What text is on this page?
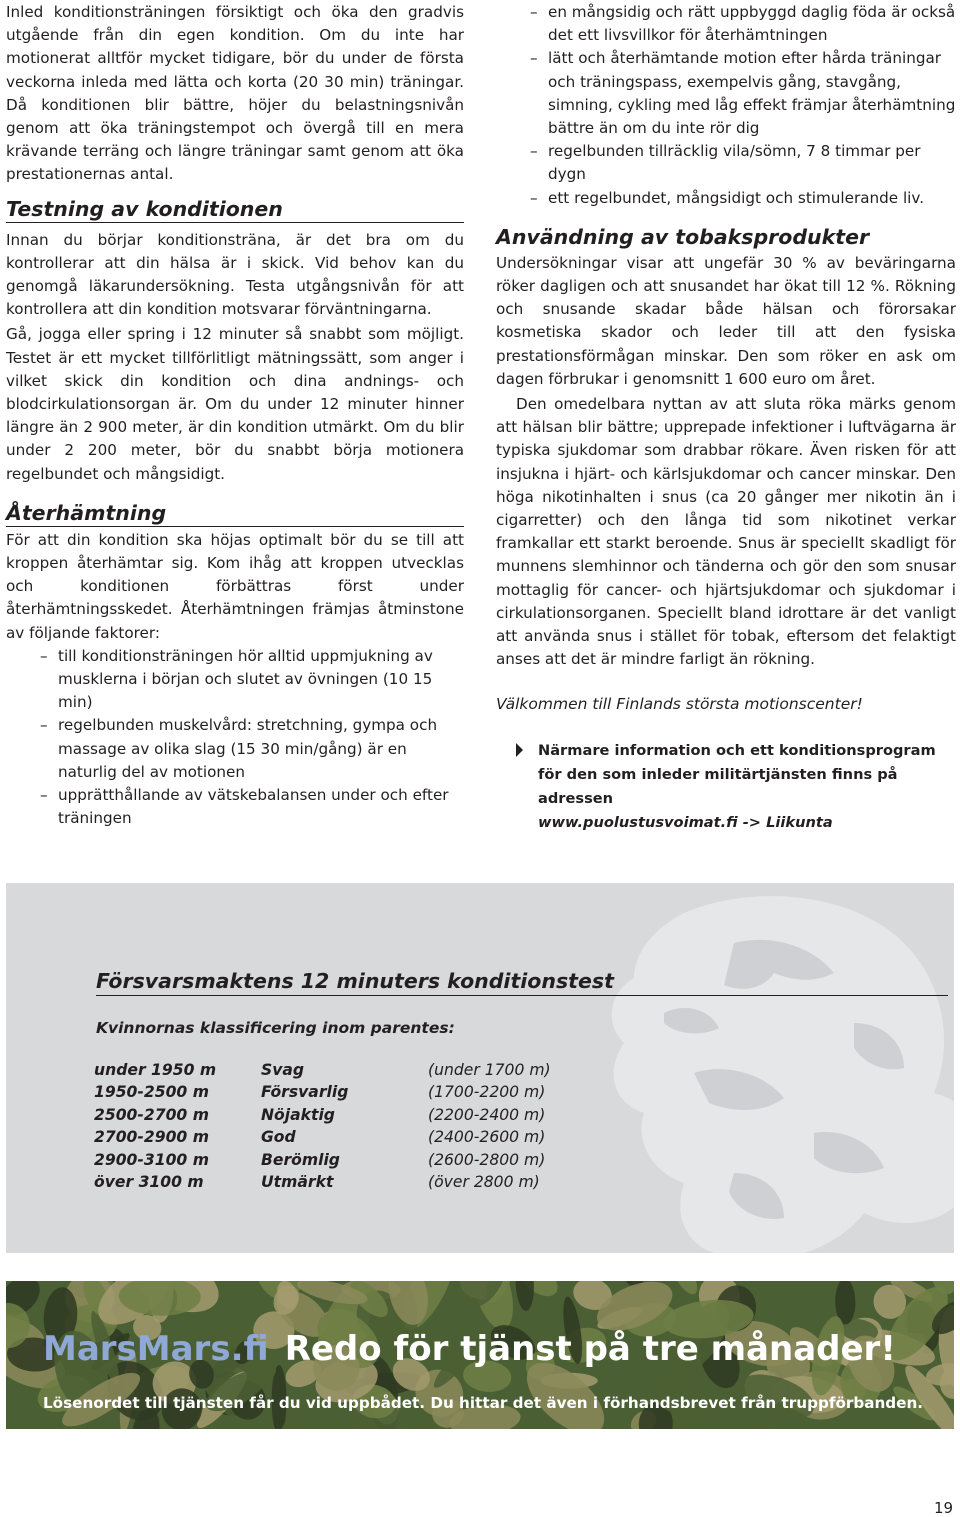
Inled konditionsträningen försiktigt och öka den gradvis utgående från din egen kondition. Om du inte har motionerat alltför mycket tidigare, bör du under de första veckorna inleda med lätta och korta (20 30 min) träningar. Då konditionen blir bättre, höjer du belastningsnivån genom att öka träningstempot och övergå till en mera krävande terräng och längre träningar samt genom att öka prestationernas antal.

Testning av konditionen

Innan du börjar konditionsträna, är det bra om du kontrollerar att din hälsa är i skick. Vid behov kan du genomgå läkarundersökning. Testa utgångsnivån för att kontrollera att din kondition motsvarar förväntningarna.

Gå, jogga eller spring i 12 minuter så snabbt som möjligt. Testet är ett mycket tillförlitligt mätningssätt, som anger i vilket skick din kondition och dina andnings- och blodcirkulationsorgan är. Om du under 12 minuter hinner längre än 2 900 meter, är din kondition utmärkt. Om du blir under 2 200 meter, bör du snabbt börja motionera regelbundet och mångsidigt.

Återhämtning

För att din kondition ska höjas optimalt bör du se till att kroppen återhämtar sig. Kom ihåg att kroppen utvecklas och konditionen förbättras först under återhämtningsskedet. Återhämtningen främjas åtminstone av följande faktorer:

– till konditionsträningen hör alltid uppmjukning av musklerna i början och slutet av övningen (10 15 min)
– regelbunden muskelvård: stretchning, gympa och massage av olika slag (15 30 min/gång) är en naturlig del av motionen
– upprätthållande av vätskebalansen under och efter träningen
– en mångsidig och rätt uppbyggd daglig föda är också det ett livsvillkor för återhämtningen
– lätt och återhämtande motion efter hårda träningar och träningspass, exempelvis gång, stavgång, simning, cykling med låg effekt främjar återhämtning bättre än om du inte rör dig
– regelbunden tillräcklig vila/sömn, 7 8 timmar per dygn
– ett regelbundet, mångsidigt och stimulerande liv.
Användning av tobaksprodukter

Undersökningar visar att ungefär 30 % av beväringarna röker dagligen och att snusandet har ökat till 12 %. Rökning och snusande skadar både hälsan och förorsakar kosmetiska skador och leder till att den fysiska prestationsförmågan minskar. Den som röker en ask om dagen förbrukar i genomsnitt 1 600 euro om året.

Den omedelbara nyttan av att sluta röka märks genom att hälsan blir bättre; upprepade infektioner i luftvägarna är typiska sjukdomar som drabbar rökare. Även risken för att insjukna i hjärt- och kärlsjukdomar och cancer minskar. Den höga nikotinhalten i snus (ca 20 gånger mer nikotin än i cigarretter) och den långa tid som nikotinet verkar framkallar ett starkt beroende. Snus är speciellt skadligt för munnens slemhinnor och tänderna och gör den som snusar mottaglig för cancer- och hjärtsjukdomar och sjukdomar i cirkulationsorganen. Speciellt bland idrottare är det vanligt att använda snus i stället för tobak, eftersom det felaktigt anses att det är mindre farligt än rökning.

Välkommen till Finlands största motionscenter!

Närmare information och ett konditionsprogram för den som inleder militärtjänsten finns på adressen

www.puolustusvoimat.fi -> Liikunta

Försvarsmaktens 12 minuters konditionstest
Kvinnornas klassificering inom parentes:
under 1950 m	Svag	(under 1700 m)
1950-2500 m	Försvarlig	(1700-2200 m)
2500-2700 m	Nöjaktig	(2200-2400 m)
2700-2900 m	God	(2400-2600 m)
2900-3100 m	Berömlig	(2600-2800 m)
över 3100 m	Utmärkt	(över 2800 m)
MarsMars.fi Redo för tjänst på tre månader!
Lösenordet till tjänsten får du vid uppbådet. Du hittar det även i förhandsbrevet från truppförbanden.
19
